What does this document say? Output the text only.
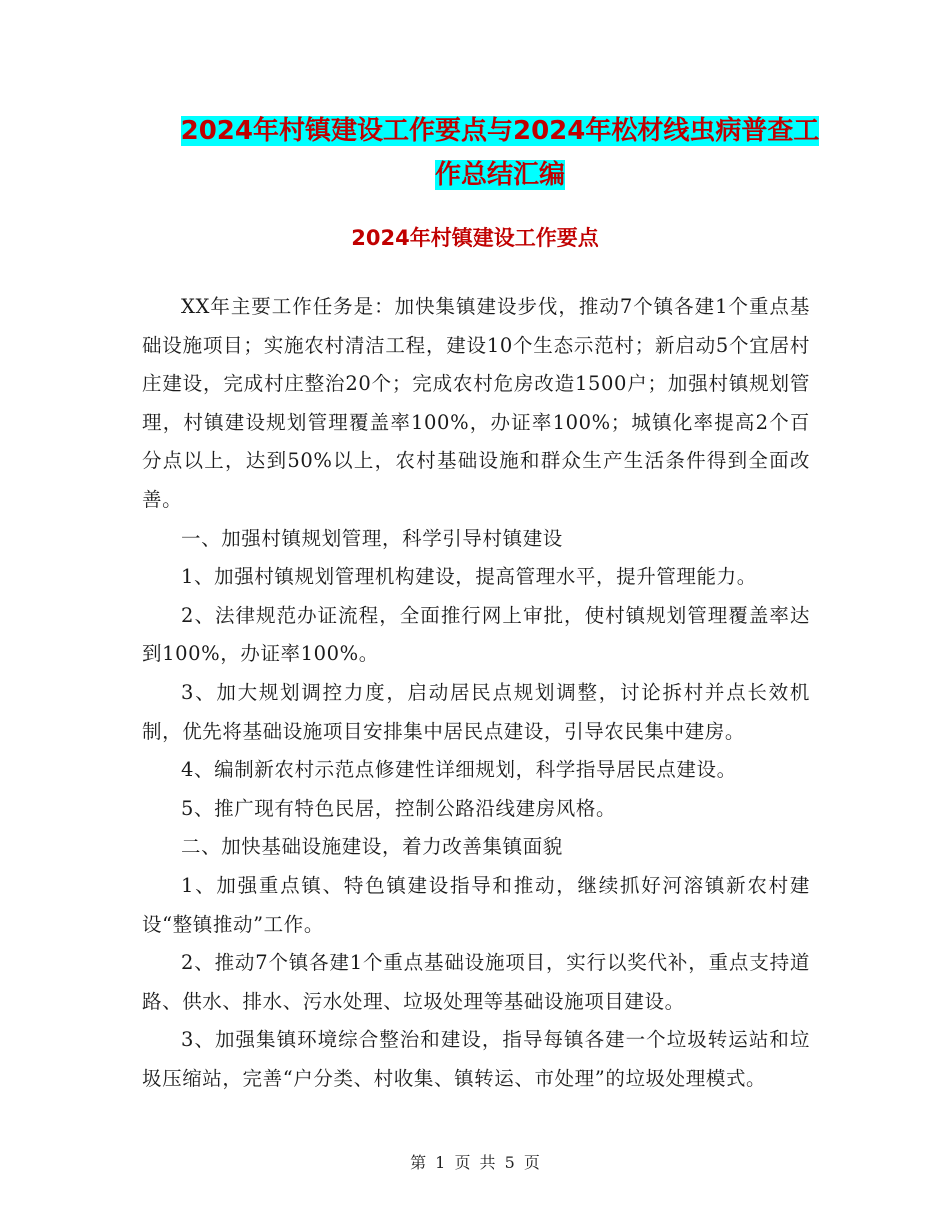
2024年村镇建设工作要点与2024年松材线虫病普查工
作总结汇编
2024年村镇建设工作要点

XX年主要工作任务是：加快集镇建设步伐，推动7个镇各建1个重点基础设施项目；实施农村清洁工程，建设10个生态示范村；新启动5个宜居村庄建设，完成村庄整治20个；完成农村危房改造1500户；加强村镇规划管理，村镇建设规划管理覆盖率100%，办证率100%；城镇化率提高2个百分点以上，达到50%以上，农村基础设施和群众生产生活条件得到全面改善。

一、加强村镇规划管理，科学引导村镇建设

1、加强村镇规划管理机构建设，提高管理水平，提升管理能力。

2、法律规范办证流程，全面推行网上审批，使村镇规划管理覆盖率达到100%，办证率100%。

3、加大规划调控力度，启动居民点规划调整，讨论拆村并点长效机制，优先将基础设施项目安排集中居民点建设，引导农民集中建房。

4、编制新农村示范点修建性详细规划，科学指导居民点建设。

5、推广现有特色民居，控制公路沿线建房风格。

二、加快基础设施建设，着力改善集镇面貌

1、加强重点镇、特色镇建设指导和推动，继续抓好河溶镇新农村建设“整镇推动”工作。

2、推动7个镇各建1个重点基础设施项目，实行以奖代补，重点支持道路、供水、排水、污水处理、垃圾处理等基础设施项目建设。

3、加强集镇环境综合整治和建设，指导每镇各建一个垃圾转运站和垃圾压缩站，完善“户分类、村收集、镇转运、市处理”的垃圾处理模式。

第 1 页 共 5 页
